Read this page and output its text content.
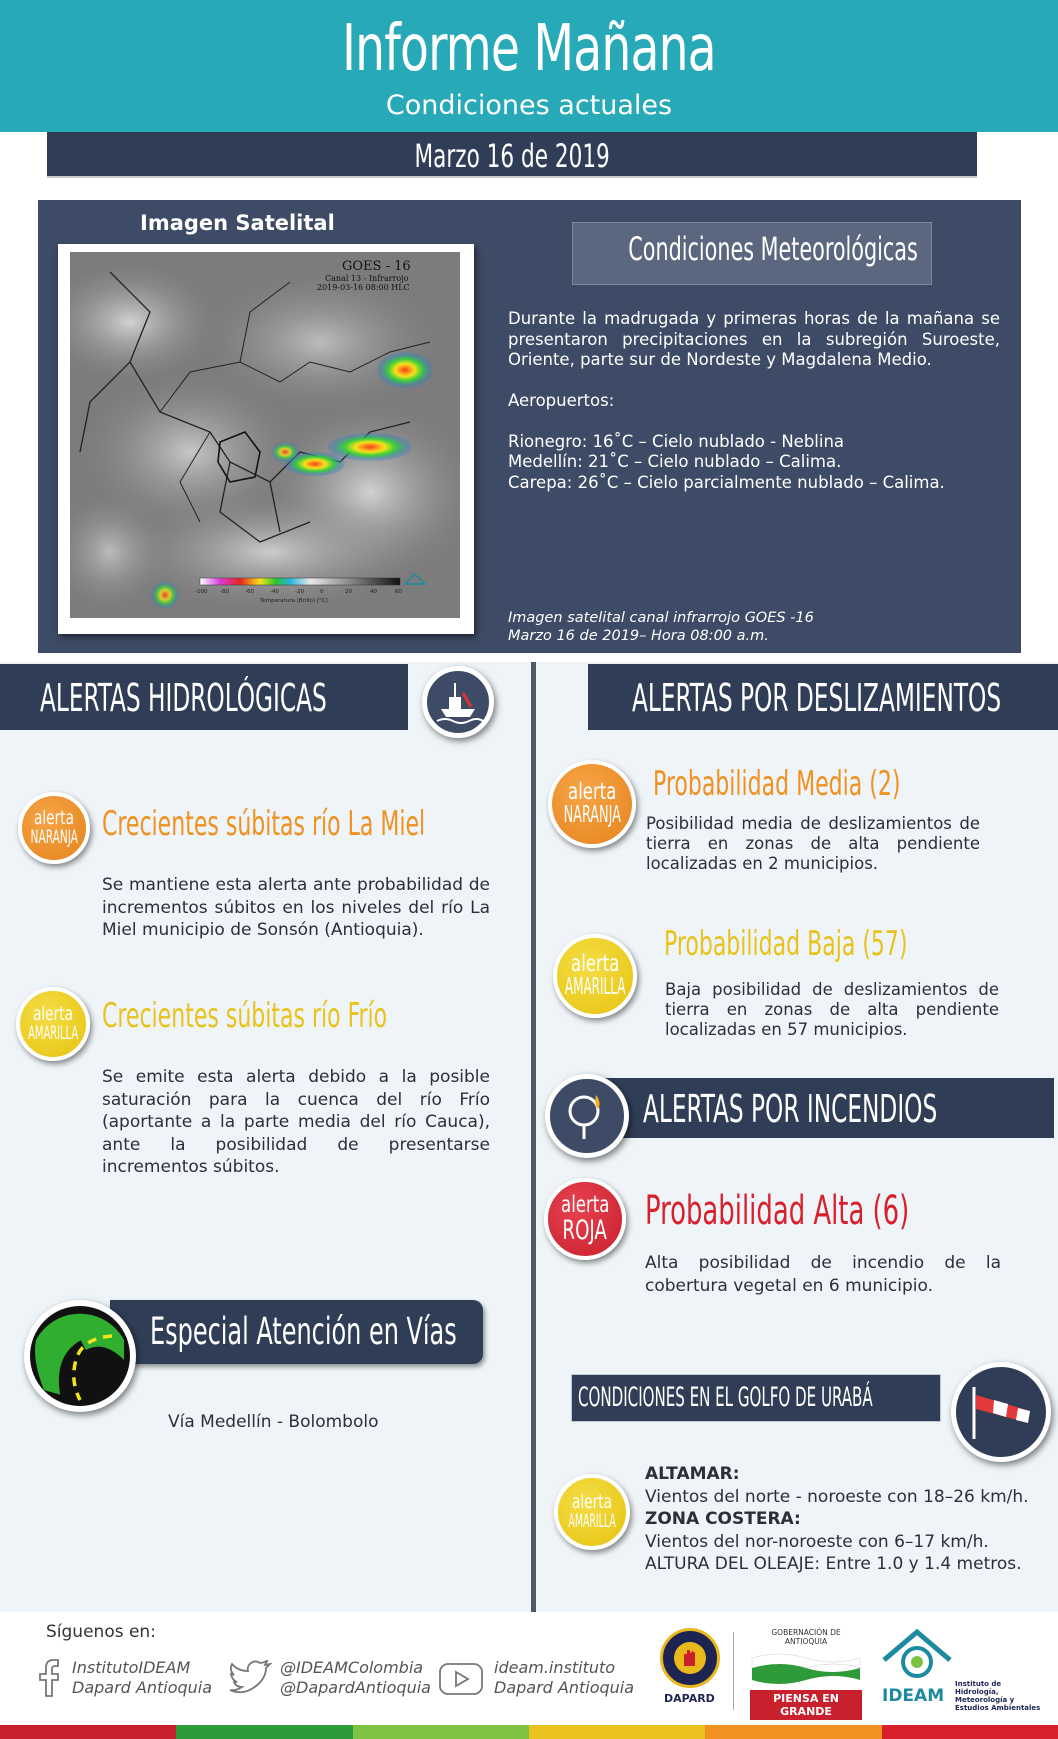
Informe Mañana
Condiciones actuales
Marzo 16 de 2019
Imagen Satelital
GOES - 16
Canal 13 - Infrarrojo
2019-03-16 08:00 HLC
-100 -80	-60	-40	-20	0	20	40	60
Temperatura (Brillo) [°C]
Condiciones Meteorológicas
Durante la madrugada y primeras horas de la mañana se presentaron precipitaciones en la subregión Suroeste, Oriente, parte sur de Nordeste y Magdalena Medio.
Aeropuertos:
Rionegro: 16˚C – Cielo nublado - Neblina
Medellín: 21˚C – Cielo nublado – Calima.
Carepa: 26˚C – Cielo parcialmente nublado – Calima.
Imagen satelital canal infrarrojo GOES -16
Marzo 16 de 2019– Hora 08:00 a.m.
ALERTAS HIDROLÓGICAS
alerta
NARANJA Crecientes súbitas río La Miel
Se mantiene esta alerta ante probabilidad de incrementos súbitos en los niveles del río La Miel municipio de Sonsón (Antioquia).
alerta
AMARILLA Crecientes súbitas río Frío
Se emite esta alerta debido a la posible saturación para la cuenca del río Frío (aportante a la parte media del río Cauca), ante la posibilidad de presentarse incrementos súbitos.
Especial Atención en Vías
Vía Medellín - Bolombolo
ALERTAS POR DESLIZAMIENTOS
alerta
NARANJA
Probabilidad Media (2)
Posibilidad media de deslizamientos de tierra en zonas de alta pendiente localizadas en 2 municipios.
alerta
AMARILLA
Probabilidad Baja (57)
Baja posibilidad de deslizamientos de tierra en zonas de alta pendiente localizadas en 57 municipios.
ALERTAS POR INCENDIOS
alerta
ROJA Probabilidad Alta (6)
Alta posibilidad de incendio de la cobertura vegetal en 6 municipio.
CONDICIONES EN EL GOLFO DE URABÁ
alerta
AMARILLA
ALTAMAR:
Vientos del norte - noroeste con 18–26 km/h.
ZONA COSTERA:
Vientos del nor-noroeste con 6–17 km/h.
ALTURA DEL OLEAJE: Entre 1.0 y 1.4 metros.
Síguenos en:
InstitutoIDEAM
Dapard Antioquia
@IDEAMColombia
@DapardAntioquia
ideam.instituto
Dapard Antioquia
DAPARD
GOBERNACIÓN DE ANTIOQUIA
PIENSA EN GRANDE
IDEAM
Instituto de Hidrología, Meteorología y Estudios Ambientales
